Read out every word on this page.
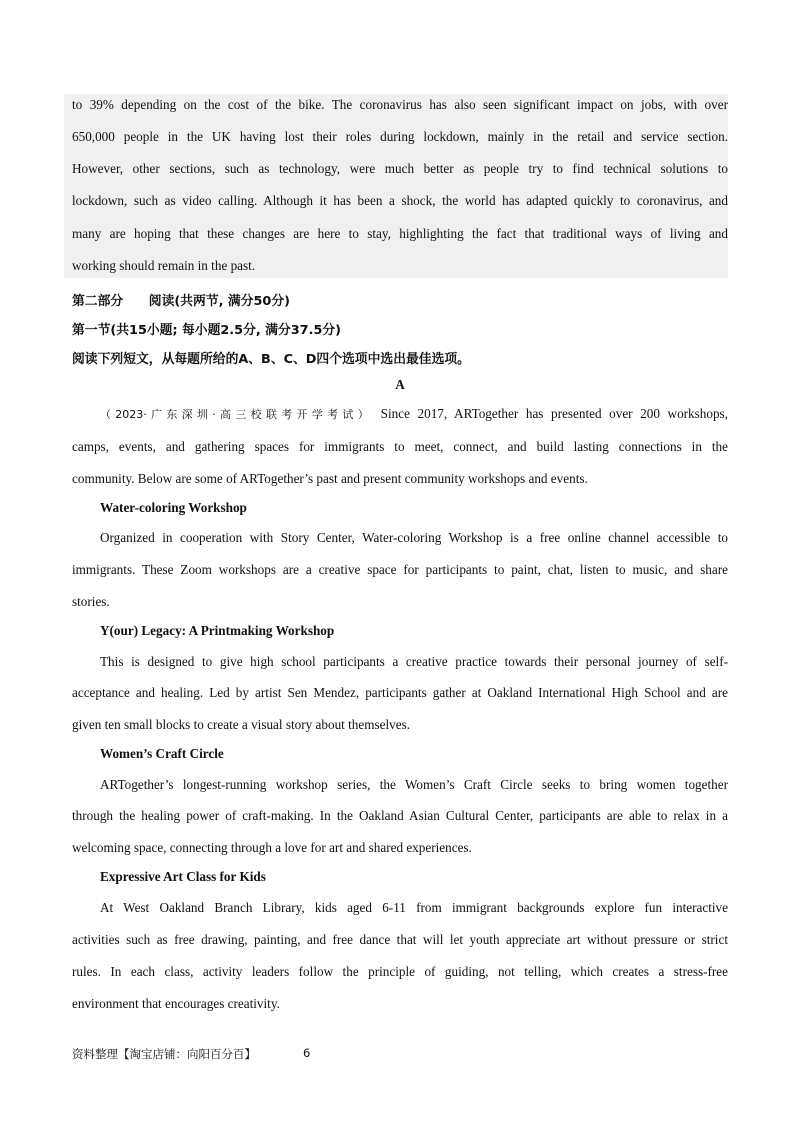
to 39% depending on the cost of the bike. The coronavirus has also seen significant impact on jobs, with over
650,000 people in the UK having lost their roles during lockdown, mainly in the retail and service section.
However, other sections, such as technology, were much better as people try to find technical solutions to
lockdown, such as video calling. Although it has been a shock, the world has adapted quickly to coronavirus, and
many are hoping that these changes are here to stay, highlighting the fact that traditional ways of living and
working should remain in the past.
第二部分　　阅读(共两节, 满分50分)
第一节(共15小题; 每小题2.5分, 满分37.5分)
阅读下列短文，从每题所给的A、B、C、D四个选项中选出最佳选项。
A
（2023·广东深圳·高三校联考开学考试） Since 2017, ARTogether has presented over 200 workshops,
camps, events, and gathering spaces for immigrants to meet, connect, and build lasting connections in the
community. Below are some of ARTogether’s past and present community workshops and events.
Water-coloring Workshop
Organized in cooperation with Story Center, Water-coloring Workshop is a free online channel accessible to
immigrants. These Zoom workshops are a creative space for participants to paint, chat, listen to music, and share
stories.
Y(our) Legacy: A Printmaking Workshop
This is designed to give high school participants a creative practice towards their personal journey of self-
acceptance and healing. Led by artist Sen Mendez, participants gather at Oakland International High School and are
given ten small blocks to create a visual story about themselves.
Women’s Craft Circle
ARTogether’s longest-running workshop series, the Women’s Craft Circle seeks to bring women together
through the healing power of craft-making. In the Oakland Asian Cultural Center, participants are able to relax in a
welcoming space, connecting through a love for art and shared experiences.
Expressive Art Class for Kids
At West Oakland Branch Library, kids aged 6-11 from immigrant backgrounds explore fun interactive
activities such as free drawing, painting, and free dance that will let youth appreciate art without pressure or strict
rules. In each class, activity leaders follow the principle of guiding, not telling, which creates a stress-free
environment that encourages creativity.
资料整理【淘宝店铺：向阳百分百】	6
